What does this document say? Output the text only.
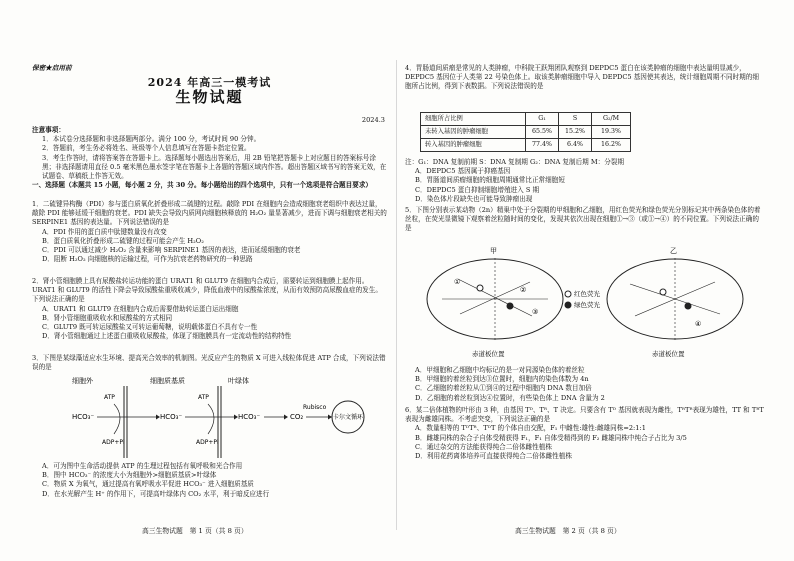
保密★启用前
2024 年高三一模考试
生物试题
2024.3

注意事项：

1．本试卷分选择题和非选择题两部分。满分 100 分，考试时间 90 分钟。

2．答题前，考生务必将姓名、班级等个人信息填写在答题卡指定位置。

3．考生作答时，请将答案答在答题卡上。选择题每小题选出答案后，用 2B 铅笔把答题卡上对应题目的答案标号涂黑；非选择题请用直径 0.5 毫米黑色墨水签字笔在答题卡上各题的答题区域内作答。超出答题区域书写的答案无效，在试题卷、草稿纸上作答无效。

一、选择题（本题共 15 小题，每小题 2 分，共 30 分。每小题给出的四个选项中，只有一个选项是符合题目要求）

1．二硫键异构酶（PDI）参与蛋白质氧化折叠形成二硫键的过程。敲除 PDI 在细胞内会造成细胞衰老组织中表达过量，敲除 PDI 能够延缓干细胞的衰老。PDI 缺失会导致内质网向细胞核释放的 H₂O₂ 量显著减少，进而下调与细胞衰老相关的 SERPINE1 基因的表达量。下列说法错误的是

A．PDI 作用的蛋白质中肽键数量没有改变

B．蛋白质氧化折叠形成二硫键的过程可能会产生 H₂O₂

C．PDI 可以通过减少 H₂O₂ 含量来影响 SERPINE1 基因的表达，进而延缓细胞的衰老

D．阻断 H₂O₂ 向细胞核的运输过程，可作为抗衰老药物研究的一种思路

2．肾小管细胞膜上具有尿酸盐转运功能的蛋白 URAT1 和 GLUT9 在细胞内合成后，需要转运到细胞膜上起作用。URAT1 和 GLUT9 的活性下降会导致尿酸盐重吸收减少，降低血液中的尿酸盐浓度，从而有效预防高尿酸血症的发生。下列说法正确的是

A．URAT1 和 GLUT9 在细胞内合成后需要借助转运蛋白运出细胞

B．肾小管细胞重吸收水和尿酸盐的方式相同

C．GLUT9 既可转运尿酸盐又可转运葡萄糖，说明载体蛋白不具有专一性

D．肾小管细胞通过上述蛋白重吸收尿酸盐，体现了细胞膜具有一定流动性的结构特性

3．下图是某绿藻适应水生环境、提高光合效率的机制图。光反应产生的物质 X 可进入线粒体促进 ATP 合成，下列说法错误的是

细胞外	细胞质基质	叶绿体
HCO₃⁻	HCO₃⁻	HCO₃⁻
ATP
ADP+Pi
ATP
ADP+Pi
CO₂
Rubisco
卡尔文循环

A．可为图中生命活动提供 ATP 的生理过程包括有氧呼吸和光合作用

B．图中 HCO₃⁻ 的浓度大小为细胞外>细胞质基质>叶绿体

C．物质 X 为氧气，通过提高有氧呼吸水平促进 HCO₃⁻ 进入细胞质基质

D．在水光解产生 H⁺ 的作用下，可提高叶绿体内 CO₂ 水平，利于暗反应进行

高三生物试题　第 1 页（共 8 页）

4．胃肠道间质瘤是常见的人类肿瘤，中科院王跃翔团队观察到 DEPDC5 蛋白在该类肿瘤的细胞中表达量明显减少，DEPDC5 基因位于人类第 22 号染色体上。取该类肿瘤细胞中导入 DEPDC5 基因使其表达，统计细胞周期不同时期的细胞所占比例，得到下表数据。下列说法错误的是

细胞所占比例	G₁	S	G₂/M
未转入基因的肿瘤细胞	65.5%	15.2%	19.3%
转入基因的肿瘤细胞	77.4%	6.4%	16.2%

注：G₁：DNA 复制前期 S：DNA 复制期 G₂：DNA 复制后期 M：分裂期

A．DEPDC5 基因属于抑癌基因

B．胃肠道间质瘤细胞的细胞周期通常比正常细胞短

C．DEPDC5 蛋白抑制细胞增殖进入 S 期

D．染色体片段缺失也可能导致肿瘤出现

5．下图分别表示某动物（2n）精巢中处于分裂期的甲细胞和乙细胞，用红色荧光和绿色荧光分别标记其中两条染色体的着丝粒，在荧光显微镜下观察着丝粒随时间的变化，发现其依次出现在细胞①→③（或①→④）的不同位置。下列说法正确的是

甲	乙
①
②
③
④
红色荧光
绿色荧光
赤道板位置	赤道板位置

A．甲细胞和乙细胞中均标记的是一对同源染色体的着丝粒

B．甲细胞的着丝粒到达③位置时，细胞内的染色体数为 4n

C．乙细胞的着丝粒从①到④的过程中细胞内 DNA 数目加倍

D．乙细胞的着丝粒到达④位置时，有些染色体上 DNA 含量为 2

6．某二倍体植物的叶形由 3 种，由基因 Tᴰ、Tᴿ、T 决定。只要含有 Tᴰ 基因就表现为雌性，TᴿTᴿ表现为雄性，TT 和 TᴿT 表现为雌雄同株。不考虑突变，下列说法正确的是

A．数量相等的 TᴰTᴿ、TᴰT 的个体自由交配，F₁ 中雌性:雄性:雌雄同株=2:1:1

B．雌雄同株的杂合子自体受精获得 F₁，F₁ 自体受精得到的 F₂ 雌雄同株中纯合子占比为 3/5

C．通过杂交的方法能获得纯合二倍体雌性植株

D．利用花药离体培养可直接获得纯合二倍体雌性植株

高三生物试题　第 2 页（共 8 页）
